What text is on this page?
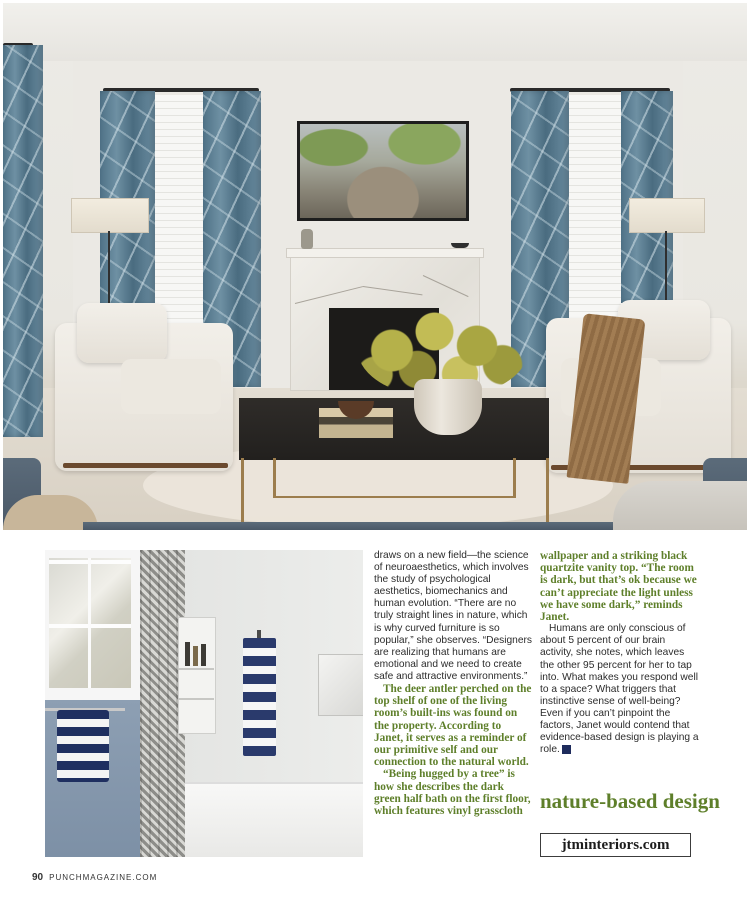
draws on a new field—the science of neuroaesthetics, which involves the study of psychological aesthetics, biomechanics and human evolution. “There are no truly straight lines in nature, which is why curved furniture is so popular,” she observes. “Designers are realizing that humans are emotional and we need to create safe and attractive environments.”

The deer antler perched on the top shelf of one of the living room’s built-ins was found on the property. According to Janet, it serves as a reminder of our primitive self and our connection to the natural world.

“Being hugged by a tree” is how she describes the dark green half bath on the first floor, which features vinyl grasscloth

wallpaper and a striking black quartzite vanity top. “The room is dark, but that’s ok because we can’t appreciate the light unless we have some dark,” reminds Janet.

Humans are only conscious of about 5 percent of our brain activity, she notes, which leaves the other 95 percent for her to tap into. What makes you respond well to a space? What triggers that instinctive sense of well-being? Even if you can’t pinpoint the factors, Janet would contend that evidence-based design is playing a role. ▲

nature-based design
jtminteriors.com
90 PUNCHMAGAZINE.COM
